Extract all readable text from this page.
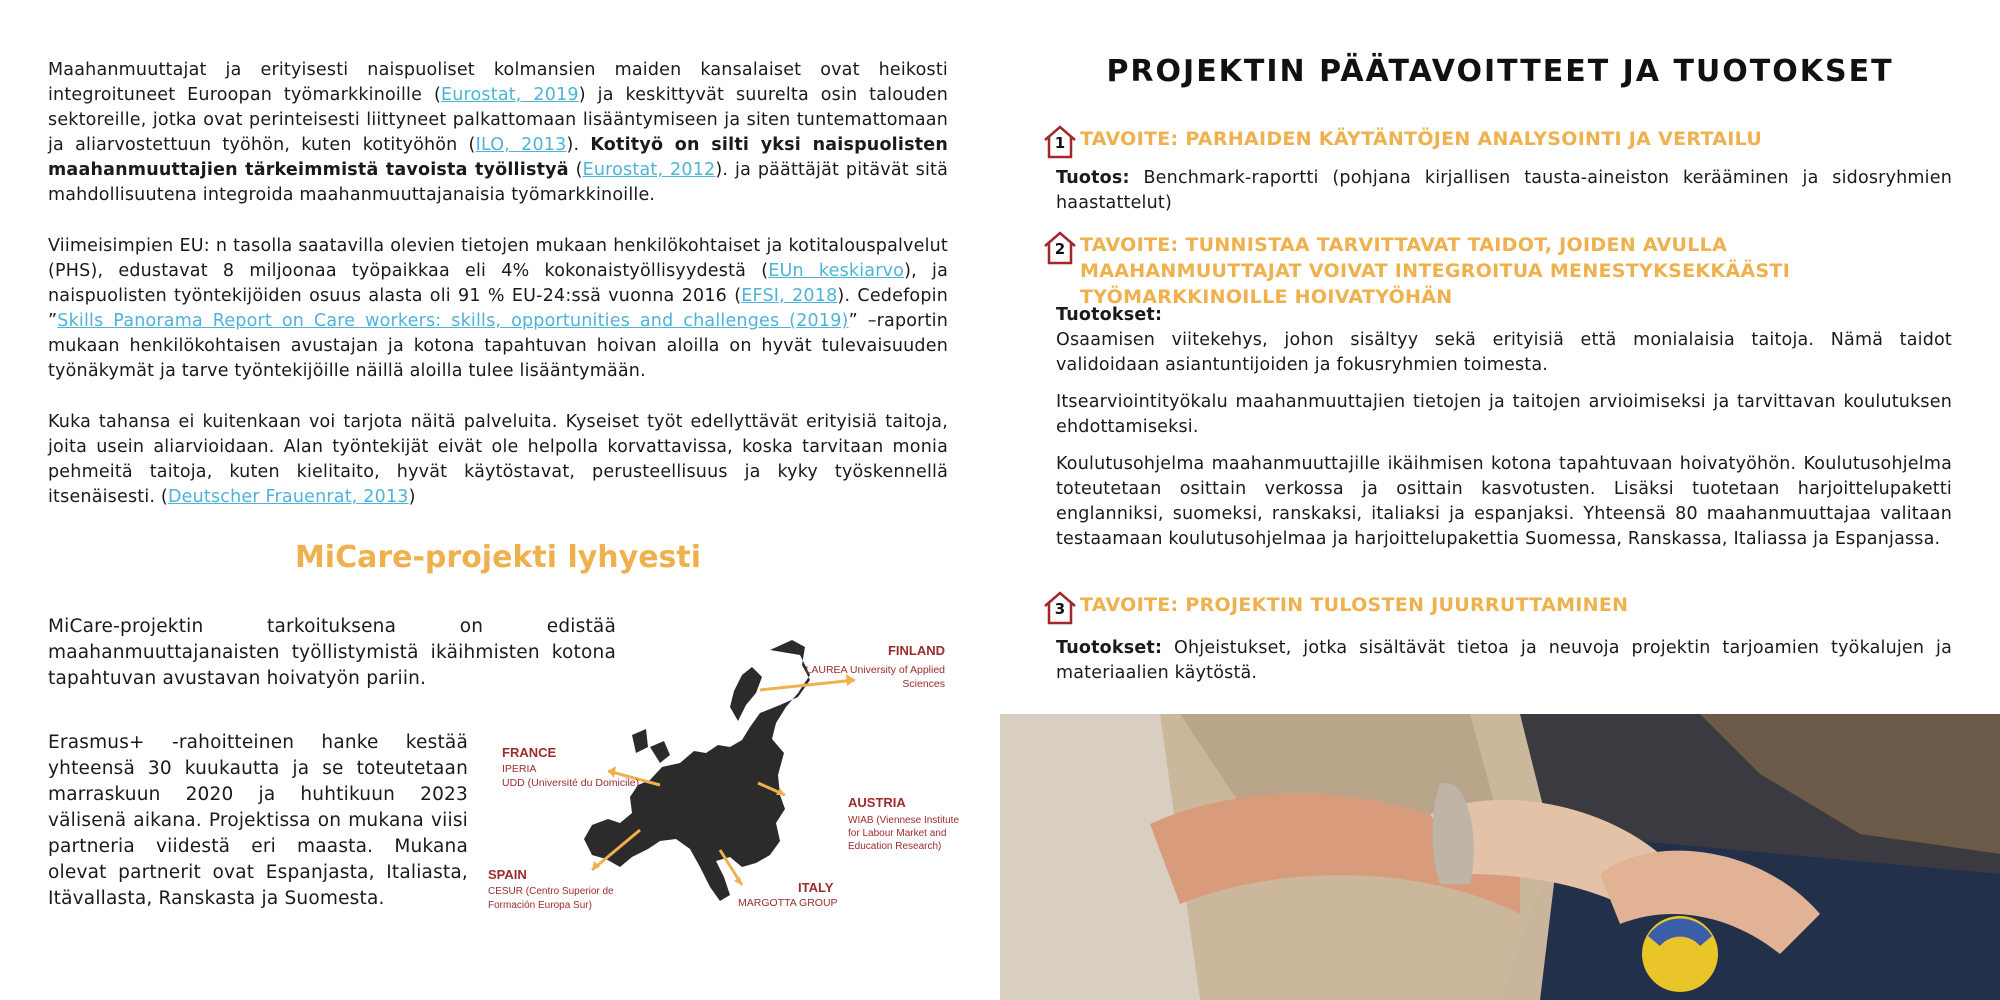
Maahanmuuttajat ja erityisesti naispuoliset kolmansien maiden kansalaiset ovat heikosti integroituneet Euroopan työmarkkinoille (Eurostat, 2019) ja keskittyvät suurelta osin talouden sektoreille, jotka ovat perinteisesti liittyneet palkattomaan lisääntymiseen ja siten tuntemattomaan ja aliarvostettuun työhön, kuten kotityöhön (ILO, 2013). Kotityö on silti yksi naispuolisten maahanmuuttajien tärkeimmistä tavoista työllistyä (Eurostat, 2012). ja päättäjät pitävät sitä mahdollisuutena integroida maahanmuuttajanaisia työmarkkinoille.
Viimeisimpien EU: n tasolla saatavilla olevien tietojen mukaan henkilökohtaiset ja kotitalouspalvelut (PHS), edustavat 8 miljoonaa työpaikkaa eli 4% kokonaistyöllisyydestä (EUn keskiarvo), ja naispuolisten työntekijöiden osuus alasta oli 91 % EU-24:ssä vuonna 2016 (EFSI, 2018). Cedefopin ”Skills Panorama Report on Care workers: skills, opportunities and challenges (2019)” –raportin mukaan henkilökohtaisen avustajan ja kotona tapahtuvan hoivan aloilla on hyvät tulevaisuuden työnäkymät ja tarve työntekijöille näillä aloilla tulee lisääntymään.
Kuka tahansa ei kuitenkaan voi tarjota näitä palveluita. Kyseiset työt edellyttävät erityisiä taitoja, joita usein aliarvioidaan. Alan työntekijät eivät ole helpolla korvattavissa, koska tarvitaan monia pehmeitä taitoja, kuten kielitaito, hyvät käytöstavat, perusteellisuus ja kyky työskennellä itsenäisesti. (Deutscher Frauenrat, 2013)
MiCare-projekti lyhyesti
MiCare-projektin tarkoituksena on edistää maahanmuuttajanaisten työllistymistä ikäihmisten kotona tapahtuvan avustavan hoivatyön pariin.
Erasmus+ -rahoitteinen hanke kestää yhteensä 30 kuukautta ja se toteutetaan marraskuun 2020 ja huhtikuun 2023 välisenä aikana. Projektissa on mukana viisi partneria viidestä eri maasta. Mukana olevat partnerit ovat Espanjasta, Italiasta, Itävallasta, Ranskasta ja Suomesta.
FINLAND
LAUREA University of Applied
Sciences
FRANCE
IPERIA
UDD (Université du Domicile)
AUSTRIA
WIAB (Viennese Institute
for Labour Market and
Education Research)
SPAIN
CESUR (Centro Superior de
Formación Europa Sur)
ITALY
MARGOTTA GROUP
PROJEKTIN PÄÄTAVOITTEET JA TUOTOKSET
1 TAVOITE: PARHAIDEN KÄYTÄNTÖJEN ANALYSOINTI JA VERTAILU
Tuotos: Benchmark-raportti (pohjana kirjallisen tausta-aineiston kerääminen ja sidosryhmien haastattelut)
2 TAVOITE: TUNNISTAA TARVITTAVAT TAIDOT, JOIDEN AVULLA MAAHANMUUTTAJAT VOIVAT INTEGROITUA MENESTYKSEKKÄÄSTI TYÖMARKKINOILLE HOIVATYÖHÄN
Tuotokset:
Osaamisen viitekehys, johon sisältyy sekä erityisiä että monialaisia taitoja. Nämä taidot validoidaan asiantuntijoiden ja fokusryhmien toimesta.
Itsearviointityökalu maahanmuuttajien tietojen ja taitojen arvioimiseksi ja tarvittavan koulutuksen ehdottamiseksi.
Koulutusohjelma maahanmuuttajille ikäihmisen kotona tapahtuvaan hoivatyöhön. Koulutusohjelma toteutetaan osittain verkossa ja osittain kasvotusten. Lisäksi tuotetaan harjoittelupaketti englanniksi, suomeksi, ranskaksi, italiaksi ja espanjaksi. Yhteensä 80 maahanmuuttajaa valitaan testaamaan koulutusohjelmaa ja harjoittelupakettia Suomessa, Ranskassa, Italiassa ja Espanjassa.
3 TAVOITE: PROJEKTIN TULOSTEN JUURRUTTAMINEN
Tuotokset: Ohjeistukset, jotka sisältävät tietoa ja neuvoja projektin tarjoamien työkalujen ja materiaalien käytöstä.
